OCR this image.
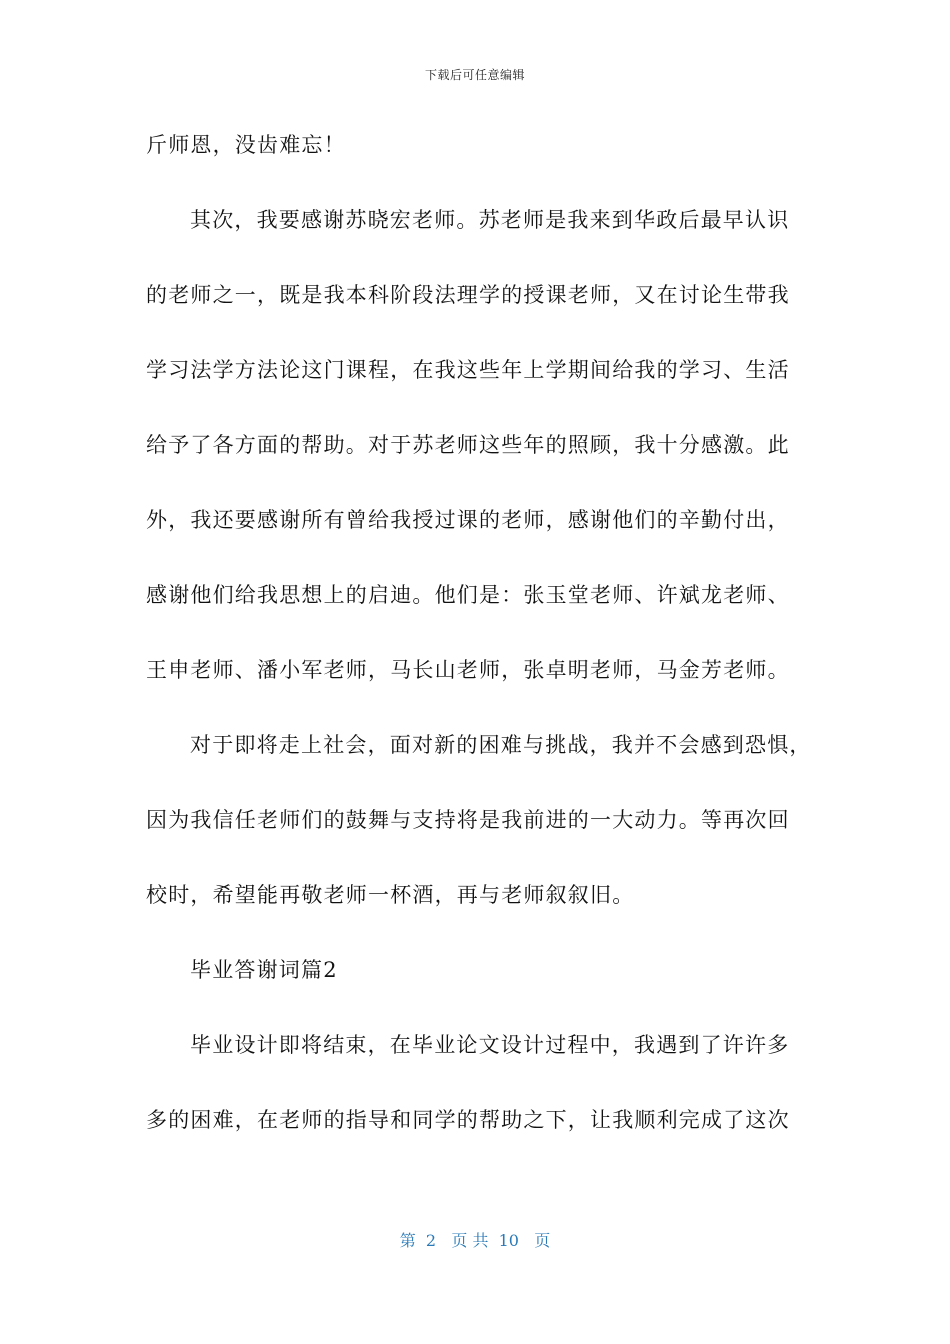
下载后可任意编辑
斤师恩，没齿难忘！
其次，我要感谢苏晓宏老师。苏老师是我来到华政后最早认识
的老师之一，既是我本科阶段法理学的授课老师，又在讨论生带我
学习法学方法论这门课程，在我这些年上学期间给我的学习、生活
给予了各方面的帮助。对于苏老师这些年的照顾，我十分感激。此
外，我还要感谢所有曾给我授过课的老师，感谢他们的辛勤付出，
感谢他们给我思想上的启迪。他们是：张玉堂老师、许斌龙老师、
王申老师、潘小军老师，马长山老师，张卓明老师，马金芳老师。
对于即将走上社会，面对新的困难与挑战，我并不会感到恐惧，
因为我信任老师们的鼓舞与支持将是我前进的一大动力。等再次回
校时，希望能再敬老师一杯酒，再与老师叙叙旧。
毕业答谢词篇2
毕业设计即将结束，在毕业论文设计过程中，我遇到了许许多
多的困难，在老师的指导和同学的帮助之下，让我顺利完成了这次
第  2   页 共  10   页
